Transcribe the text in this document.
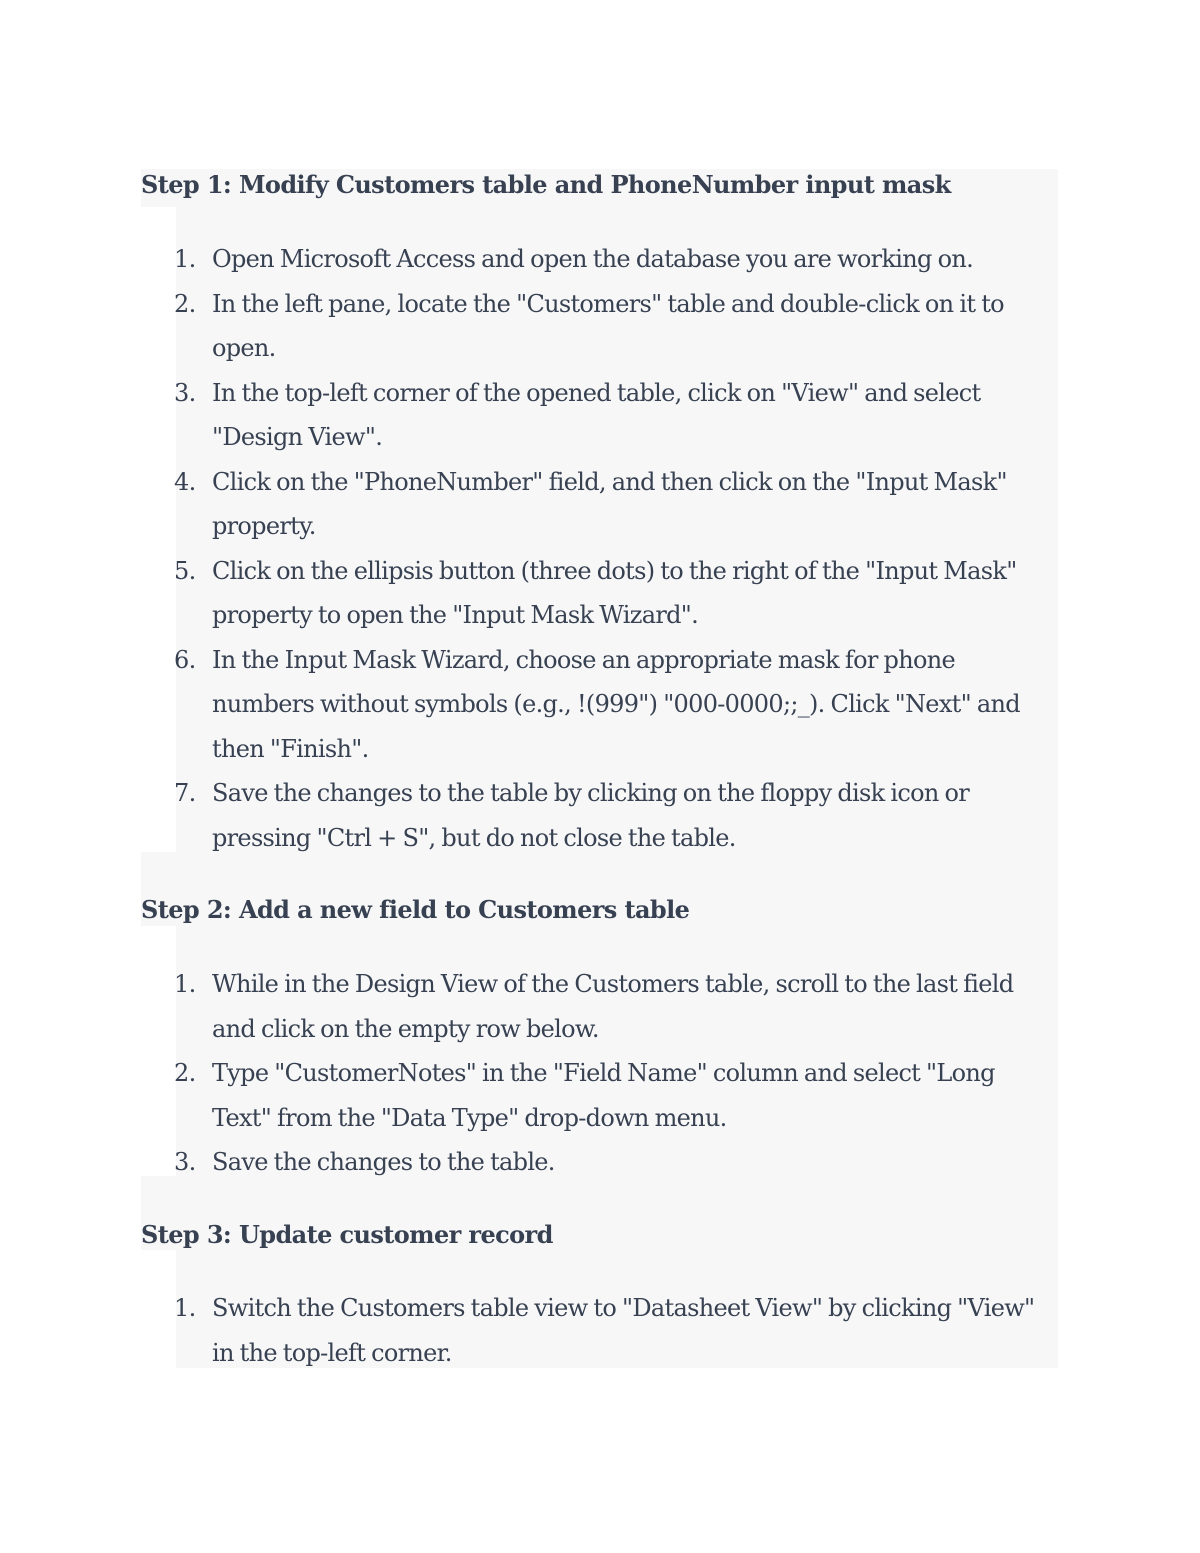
Step 1: Modify Customers table and PhoneNumber input mask
1. Open Microsoft Access and open the database you are working on.
2. In the left pane, locate the "Customers" table and double-click on it to open.
3. In the top-left corner of the opened table, click on "View" and select "Design View".
4. Click on the "PhoneNumber" field, and then click on the "Input Mask" property.
5. Click on the ellipsis button (three dots) to the right of the "Input Mask" property to open the "Input Mask Wizard".
6. In the Input Mask Wizard, choose an appropriate mask for phone numbers without symbols (e.g., !(999") "000-0000;;_). Click "Next" and then "Finish".
7. Save the changes to the table by clicking on the floppy disk icon or pressing "Ctrl + S", but do not close the table.
Step 2: Add a new field to Customers table
1. While in the Design View of the Customers table, scroll to the last field and click on the empty row below.
2. Type "CustomerNotes" in the "Field Name" column and select "Long Text" from the "Data Type" drop-down menu.
3. Save the changes to the table.
Step 3: Update customer record
1. Switch the Customers table view to "Datasheet View" by clicking "View" in the top-left corner.
